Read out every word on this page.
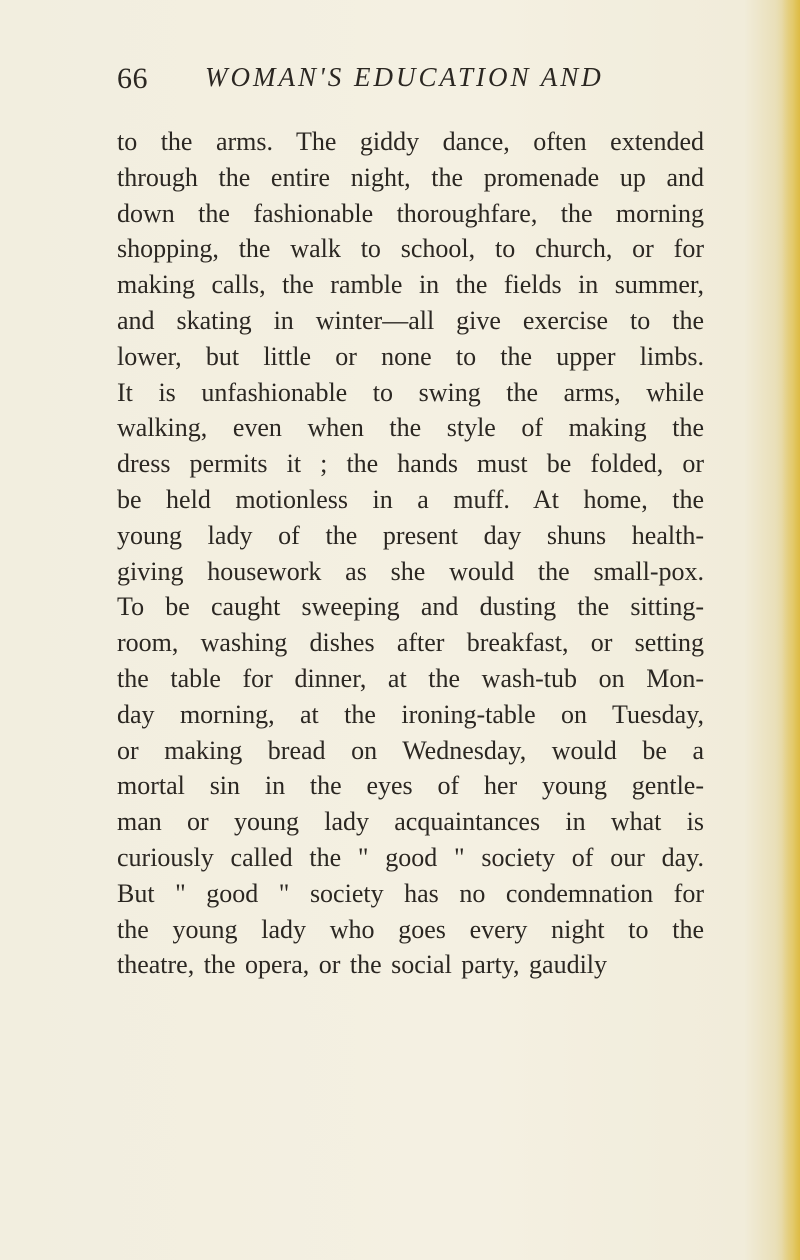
66 WOMAN'S EDUCATION AND
to the arms. The giddy dance, often extended
through the entire night, the promenade up and
down the fashionable thoroughfare, the morning
shopping, the walk to school, to church, or for
making calls, the ramble in the fields in summer,
and skating in winter—all give exercise to the
lower, but little or none to the upper limbs.
It is unfashionable to swing the arms, while
walking, even when the style of making the
dress permits it ; the hands must be folded, or
be held motionless in a muff. At home, the
young lady of the present day shuns health-
giving housework as she would the small-pox.
To be caught sweeping and dusting the sitting-
room, washing dishes after breakfast, or setting
the table for dinner, at the wash-tub on Mon-
day morning, at the ironing-table on Tuesday,
or making bread on Wednesday, would be a
mortal sin in the eyes of her young gentle-
man or young lady acquaintances in what is
curiously called the " good " society of our day.
But " good " society has no condemnation for
the young lady who goes every night to the
theatre, the opera, or the social party, gaudily
